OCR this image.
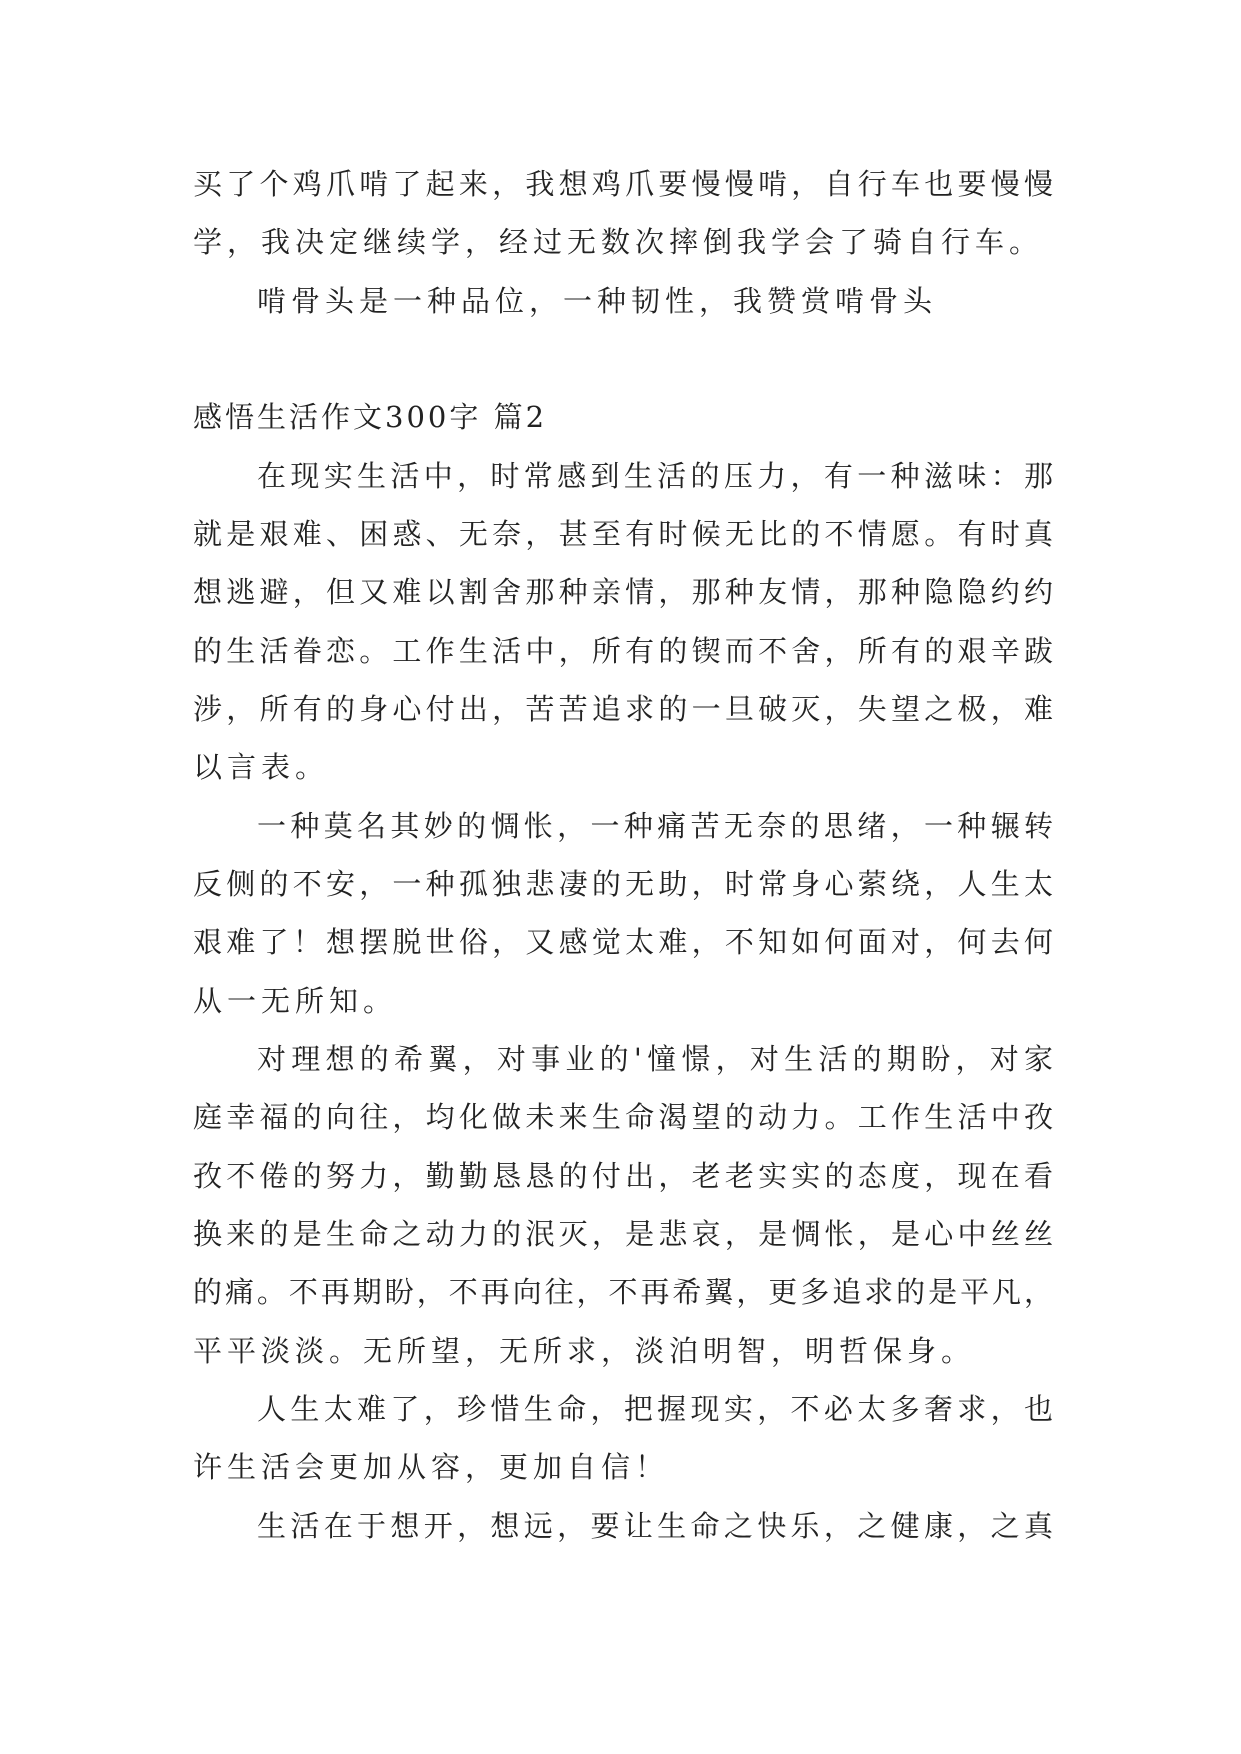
买了个鸡爪啃了起来，我想鸡爪要慢慢啃，自行车也要慢慢
学，我决定继续学，经过无数次摔倒我学会了骑自行车。
啃骨头是一种品位，一种韧性，我赞赏啃骨头
感悟生活作文300字 篇2
在现实生活中，时常感到生活的压力，有一种滋味：那
就是艰难、困惑、无奈，甚至有时候无比的不情愿。有时真
想逃避，但又难以割舍那种亲情，那种友情，那种隐隐约约
的生活眷恋。工作生活中，所有的锲而不舍，所有的艰辛跋
涉，所有的身心付出，苦苦追求的一旦破灭，失望之极，难
以言表。
一种莫名其妙的惆怅，一种痛苦无奈的思绪，一种辗转
反侧的不安，一种孤独悲凄的无助，时常身心萦绕，人生太
艰难了！想摆脱世俗，又感觉太难，不知如何面对，何去何
从一无所知。
对理想的希翼，对事业的'憧憬，对生活的期盼，对家
庭幸福的向往，均化做未来生命渴望的动力。工作生活中孜
孜不倦的努力，勤勤恳恳的付出，老老实实的态度，现在看
换来的是生命之动力的泯灭，是悲哀，是惆怅，是心中丝丝
的痛。不再期盼，不再向往，不再希翼，更多追求的是平凡，
平平淡淡。无所望，无所求，淡泊明智，明哲保身。
人生太难了，珍惜生命，把握现实，不必太多奢求，也
许生活会更加从容，更加自信！
生活在于想开，想远，要让生命之快乐，之健康，之真
